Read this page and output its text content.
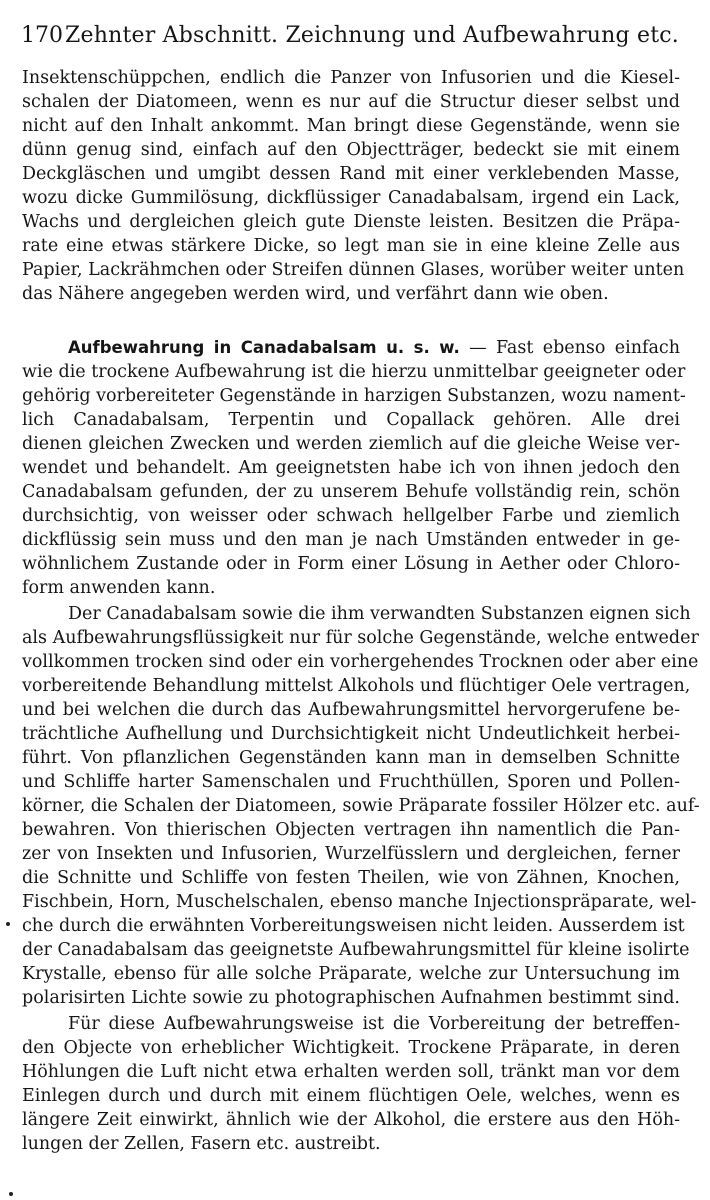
170Zehnter Abschnitt. Zeichnung und Aufbewahrung etc.
Insektenschüppchen, endlich die Panzer von Infusorien und die Kiesel-
schalen der Diatomeen, wenn es nur auf die Structur dieser selbst und
nicht auf den Inhalt ankommt. Man bringt diese Gegenstände, wenn sie
dünn genug sind, einfach auf den Objectträger, bedeckt sie mit einem
Deckgläschen und umgibt dessen Rand mit einer verklebenden Masse,
wozu dicke Gummilösung, dickflüssiger Canadabalsam, irgend ein Lack,
Wachs und dergleichen gleich gute Dienste leisten. Besitzen die Präpa-
rate eine etwas stärkere Dicke, so legt man sie in eine kleine Zelle aus
Papier, Lackrähmchen oder Streifen dünnen Glases, worüber weiter unten
das Nähere angegeben werden wird, und verfährt dann wie oben.
Aufbewahrung in Canadabalsam u. s. w. — Fast ebenso einfach
wie die trockene Aufbewahrung ist die hierzu unmittelbar geeigneter oder
gehörig vorbereiteter Gegenstände in harzigen Substanzen, wozu nament-
lich Canadabalsam, Terpentin und Copallack gehören. Alle drei
dienen gleichen Zwecken und werden ziemlich auf die gleiche Weise ver-
wendet und behandelt. Am geeignetsten habe ich von ihnen jedoch den
Canadabalsam gefunden, der zu unserem Behufe vollständig rein, schön
durchsichtig, von weisser oder schwach hellgelber Farbe und ziemlich
dickflüssig sein muss und den man je nach Umständen entweder in ge-
wöhnlichem Zustande oder in Form einer Lösung in Aether oder Chloro-
form anwenden kann.
Der Canadabalsam sowie die ihm verwandten Substanzen eignen sich
als Aufbewahrungsflüssigkeit nur für solche Gegenstände, welche entweder
vollkommen trocken sind oder ein vorhergehendes Trocknen oder aber eine
vorbereitende Behandlung mittelst Alkohols und flüchtiger Oele vertragen,
und bei welchen die durch das Aufbewahrungsmittel hervorgerufene be-
trächtliche Aufhellung und Durchsichtigkeit nicht Undeutlichkeit herbei-
führt. Von pflanzlichen Gegenständen kann man in demselben Schnitte
und Schliffe harter Samenschalen und Fruchthüllen, Sporen und Pollen-
körner, die Schalen der Diatomeen, sowie Präparate fossiler Hölzer etc. auf-
bewahren. Von thierischen Objecten vertragen ihn namentlich die Pan-
zer von Insekten und Infusorien, Wurzelfüsslern und dergleichen, ferner
die Schnitte und Schliffe von festen Theilen, wie von Zähnen, Knochen,
Fischbein, Horn, Muschelschalen, ebenso manche Injectionspräparate, wel-
che durch die erwähnten Vorbereitungsweisen nicht leiden. Ausserdem ist
der Canadabalsam das geeignetste Aufbewahrungsmittel für kleine isolirte
Krystalle, ebenso für alle solche Präparate, welche zur Untersuchung im
polarisirten Lichte sowie zu photographischen Aufnahmen bestimmt sind.
Für diese Aufbewahrungsweise ist die Vorbereitung der betreffen-
den Objecte von erheblicher Wichtigkeit. Trockene Präparate, in deren
Höhlungen die Luft nicht etwa erhalten werden soll, tränkt man vor dem
Einlegen durch und durch mit einem flüchtigen Oele, welches, wenn es
längere Zeit einwirkt, ähnlich wie der Alkohol, die erstere aus den Höh-
lungen der Zellen, Fasern etc. austreibt.
